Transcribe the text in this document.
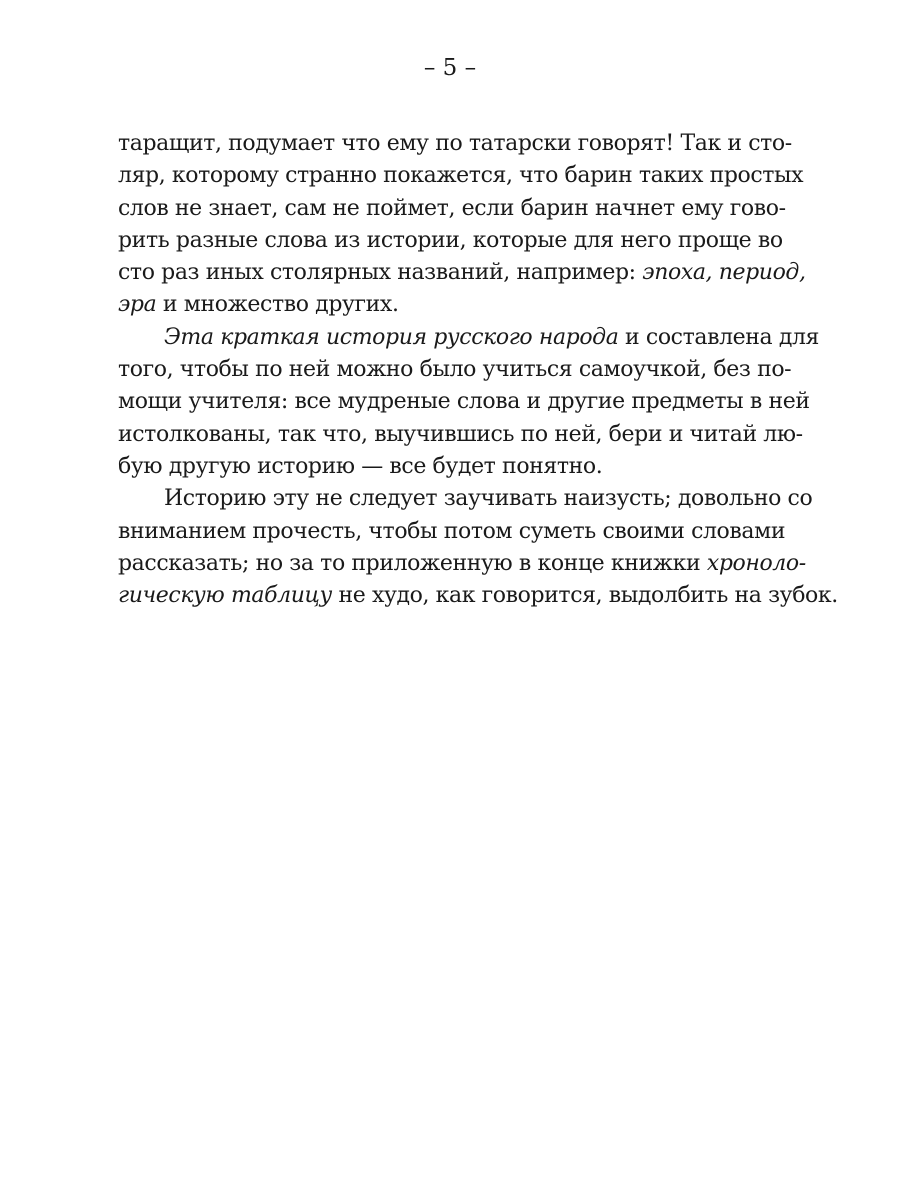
– 5 –
таращит, подумает что ему по татарски говорят! Так и сто-
ляр, которому странно покажется, что барин таких простых
слов не знает, сам не поймет, если барин начнет ему гово-
рить разные слова из истории, которые для него проще во
сто раз иных столярных названий, например: эпоха, период,
эра и множество других.
Эта краткая история русского народа и составлена для
того, чтобы по ней можно было учиться самоучкой, без по-
мощи учителя: все мудреные слова и другие предметы в ней
истолкованы, так что, выучившись по ней, бери и читай лю-
бую другую историю — все будет понятно.
Историю эту не следует заучивать наизусть; довольно со
вниманием прочесть, чтобы потом суметь своими словами
рассказать; но за то приложенную в конце книжки хроноло-
гическую таблицу не худо, как говорится, выдолбить на зубок.
